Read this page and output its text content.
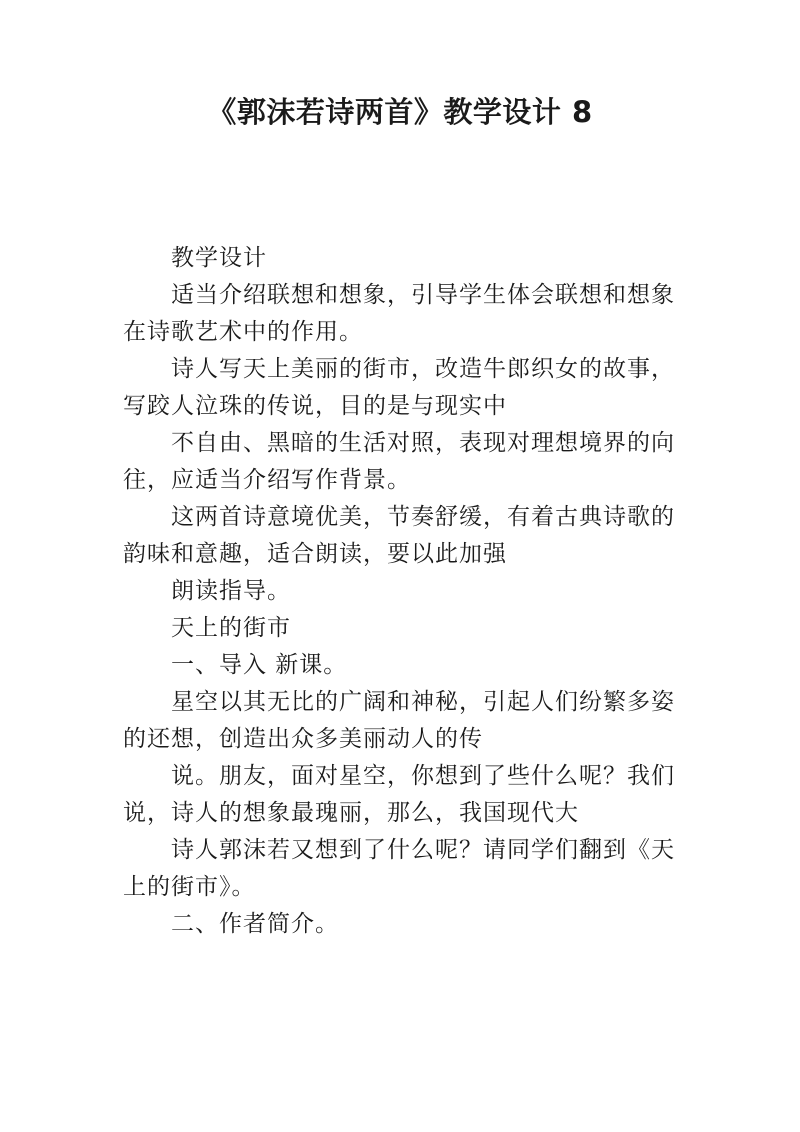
《郭沫若诗两首》教学设计 8

教学设计

适当介绍联想和想象，引导学生体会联想和想象在诗歌艺术中的作用。

诗人写天上美丽的街市，改造牛郎织女的故事，写跤人泣珠的传说，目的是与现实中

不自由、黑暗的生活对照，表现对理想境界的向往，应适当介绍写作背景。

这两首诗意境优美，节奏舒缓，有着古典诗歌的韵味和意趣，适合朗读，要以此加强

朗读指导。

天上的街市

一、导入 新课。

星空以其无比的广阔和神秘，引起人们纷繁多姿的还想，创造出众多美丽动人的传

说。朋友，面对星空，你想到了些什么呢？我们说，诗人的想象最瑰丽，那么，我国现代大

诗人郭沫若又想到了什么呢？请同学们翻到《天上的街市》。

二、作者简介。
